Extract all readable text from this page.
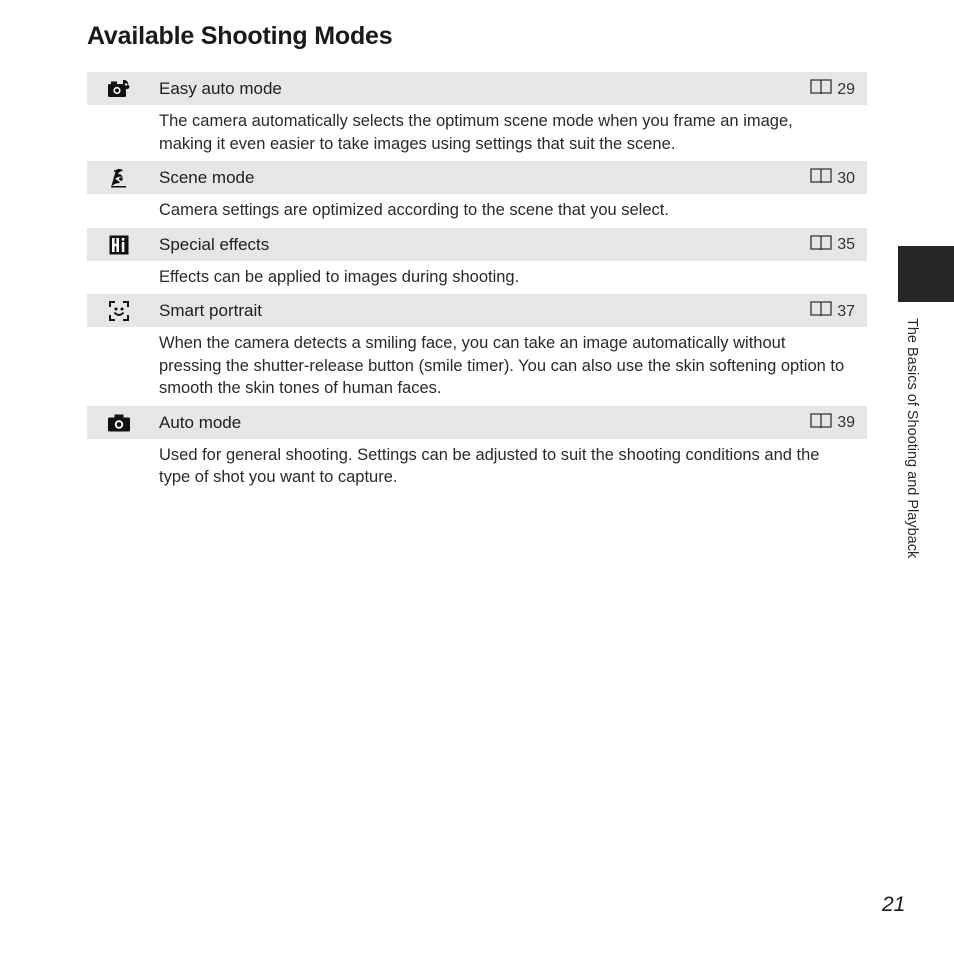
Available Shooting Modes
Easy auto mode	29
The camera automatically selects the optimum scene mode when you frame an image, making it even easier to take images using settings that suit the scene.
Scene mode	30
Camera settings are optimized according to the scene that you select.
Special effects	35
Effects can be applied to images during shooting.
Smart portrait	37
When the camera detects a smiling face, you can take an image automatically without pressing the shutter-release button (smile timer). You can also use the skin softening option to smooth the skin tones of human faces.
Auto mode	39
Used for general shooting. Settings can be adjusted to suit the shooting conditions and the type of shot you want to capture.	The Basics of Shooting and Playback
21
